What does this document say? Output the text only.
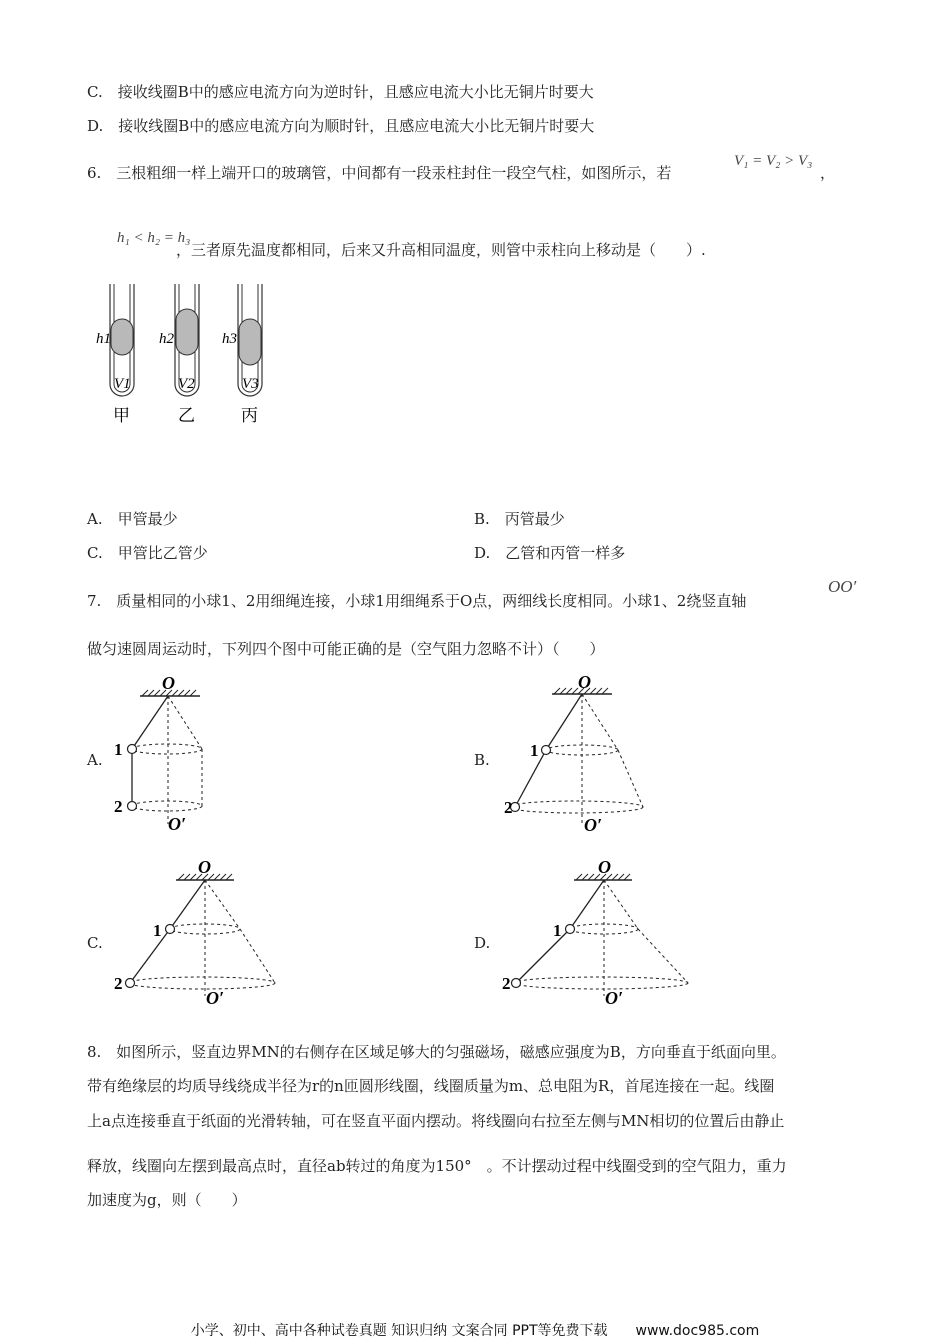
C.　接收线圈B中的感应电流方向为逆时针，且感应电流大小比无铜片时要大
D.　接收线圈B中的感应电流方向为顺时针，且感应电流大小比无铜片时要大
6.　三根粗细一样上端开口的玻璃管，中间都有一段汞柱封住一段空气柱，如图所示，若
V₁ = V₂ > V₃
，
h₁ < h₂ = h₃
，三者原先温度都相同，后来又升高相同温度，则管中汞柱向上移动是（　　）.
h1
V1
h2
V2
h3
V3
甲	乙	丙
A.　甲管最少	B.　丙管最少
C.　甲管比乙管少	D.　乙管和丙管一样多
7.　质量相同的小球1、2用细绳连接，小球1用细绳系于O点，两细线长度相同。小球1、2绕竖直轴
OO′
做匀速圆周运动时，下列四个图中可能正确的是（空气阻力忽略不计）（　　）
A.
O
1
2
O′
B.
O
1
2
O′
C.
O
1
2
O′
D.
O
1
2
O′
8.　如图所示，竖直边界MN的右侧存在区域足够大的匀强磁场，磁感应强度为B，方向垂直于纸面向里。
带有绝缘层的均质导线绕成半径为r的n匝圆形线圈，线圈质量为m、总电阻为R，首尾连接在一起。线圈
上a点连接垂直于纸面的光滑转轴，可在竖直平面内摆动。将线圈向右拉至左侧与MN相切的位置后由静止
释放，线圈向左摆到最高点时，直径ab转过的角度为150°　。不计摆动过程中线圈受到的空气阻力，重力
加速度为g，则（　　）
小学、初中、高中各种试卷真题 知识归纳 文案合同 PPT等免费下载　　www.doc985.com
